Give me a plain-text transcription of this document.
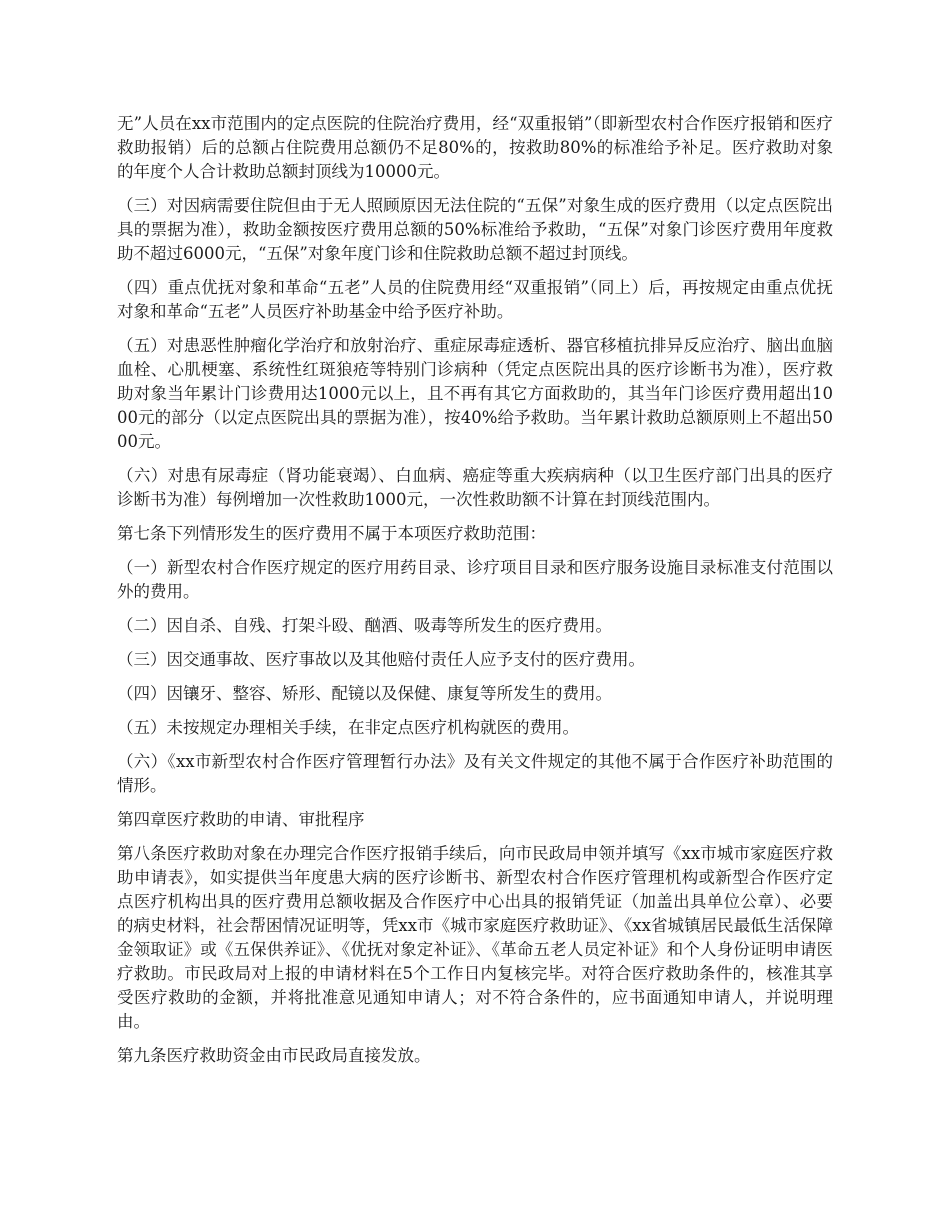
无”人员在xx市范围内的定点医院的住院治疗费用，经“双重报销”（即新型农村合作医疗报销和医疗救助报销）后的总额占住院费用总额仍不足80%的，按救助80%的标准给予补足。医疗救助对象的年度个人合计救助总额封顶线为10000元。

（三）对因病需要住院但由于无人照顾原因无法住院的“五保”对象生成的医疗费用（以定点医院出具的票据为准），救助金额按医疗费用总额的50%标准给予救助，“五保”对象门诊医疗费用年度救助不超过6000元，“五保”对象年度门诊和住院救助总额不超过封顶线。

（四）重点优抚对象和革命“五老”人员的住院费用经“双重报销”（同上）后，再按规定由重点优抚对象和革命“五老”人员医疗补助基金中给予医疗补助。

（五）对患恶性肿瘤化学治疗和放射治疗、重症尿毒症透析、器官移植抗排异反应治疗、脑出血脑血栓、心肌梗塞、系统性红斑狼疮等特别门诊病种（凭定点医院出具的医疗诊断书为准），医疗救助对象当年累计门诊费用达1000元以上，且不再有其它方面救助的，其当年门诊医疗费用超出1000元的部分（以定点医院出具的票据为准），按40%给予救助。当年累计救助总额原则上不超出5000元。

（六）对患有尿毒症（肾功能衰竭）、白血病、癌症等重大疾病病种（以卫生医疗部门出具的医疗诊断书为准）每例增加一次性救助1000元，一次性救助额不计算在封顶线范围内。

第七条下列情形发生的医疗费用不属于本项医疗救助范围：

（一）新型农村合作医疗规定的医疗用药目录、诊疗项目目录和医疗服务设施目录标准支付范围以外的费用。

（二）因自杀、自残、打架斗殴、酗酒、吸毒等所发生的医疗费用。

（三）因交通事故、医疗事故以及其他赔付责任人应予支付的医疗费用。

（四）因镶牙、整容、矫形、配镜以及保健、康复等所发生的费用。

（五）未按规定办理相关手续，在非定点医疗机构就医的费用。

（六）《xx市新型农村合作医疗管理暂行办法》及有关文件规定的其他不属于合作医疗补助范围的情形。

第四章医疗救助的申请、审批程序

第八条医疗救助对象在办理完合作医疗报销手续后，向市民政局申领并填写《xx市城市家庭医疗救助申请表》，如实提供当年度患大病的医疗诊断书、新型农村合作医疗管理机构或新型合作医疗定点医疗机构出具的医疗费用总额收据及合作医疗中心出具的报销凭证（加盖出具单位公章）、必要的病史材料，社会帮困情况证明等，凭xx市《城市家庭医疗救助证》、《xx省城镇居民最低生活保障金领取证》或《五保供养证》、《优抚对象定补证》、《革命五老人员定补证》和个人身份证明申请医疗救助。市民政局对上报的申请材料在5个工作日内复核完毕。对符合医疗救助条件的，核准其享受医疗救助的金额，并将批准意见通知申请人；对不符合条件的，应书面通知申请人，并说明理由。

第九条医疗救助资金由市民政局直接发放。
